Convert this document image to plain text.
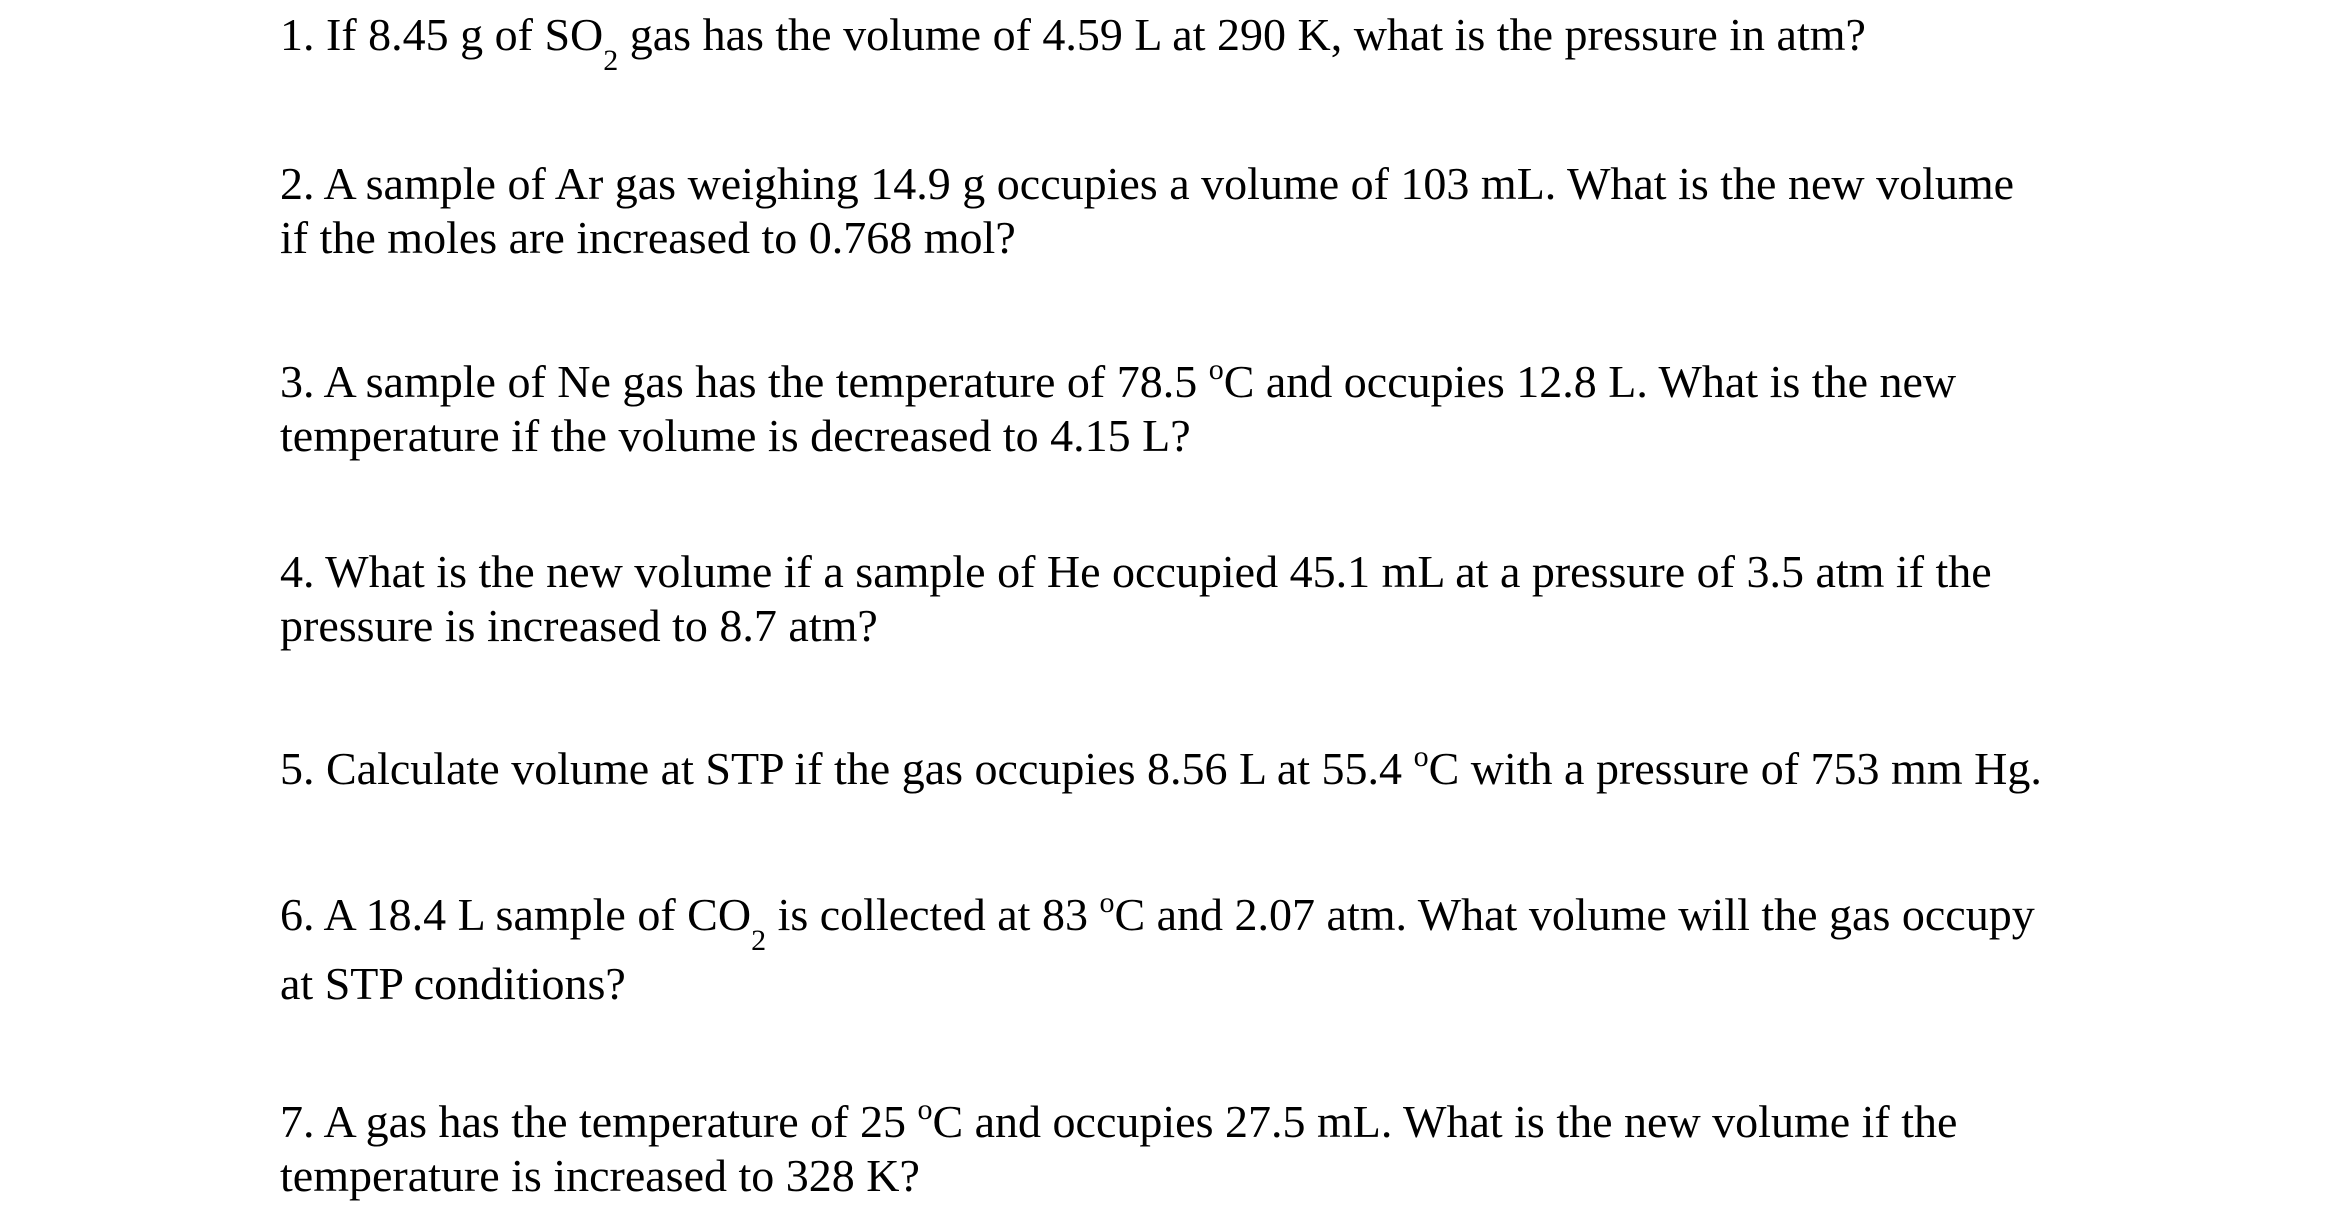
1. If 8.45 g of $SO_2$ gas has the volume of 4.59 L at 290 K, what is the pressure in atm?
2. A sample of Ar gas weighing 14.9 g occupies a volume of 103 mL. What is the new volume
if the moles are increased to 0.768 mol?
3. A sample of Ne gas has the temperature of 78.5 $^o$C and occupies 12.8 L. What is the new
temperature if the volume is decreased to 4.15 L?
4. What is the new volume if a sample of He occupied 45.1 mL at a pressure of 3.5 atm if the
pressure is increased to 8.7 atm?
5. Calculate volume at STP if the gas occupies 8.56 L at 55.4 $^o$C with a pressure of 753 mm Hg.
6. A 18.4 L sample of $CO_2$ is collected at 83 $^o$C and 2.07 atm. What volume will the gas occupy
at STP conditions?
7. A gas has the temperature of 25 $^o$C and occupies 27.5 mL. What is the new volume if the
temperature is increased to 328 K?
